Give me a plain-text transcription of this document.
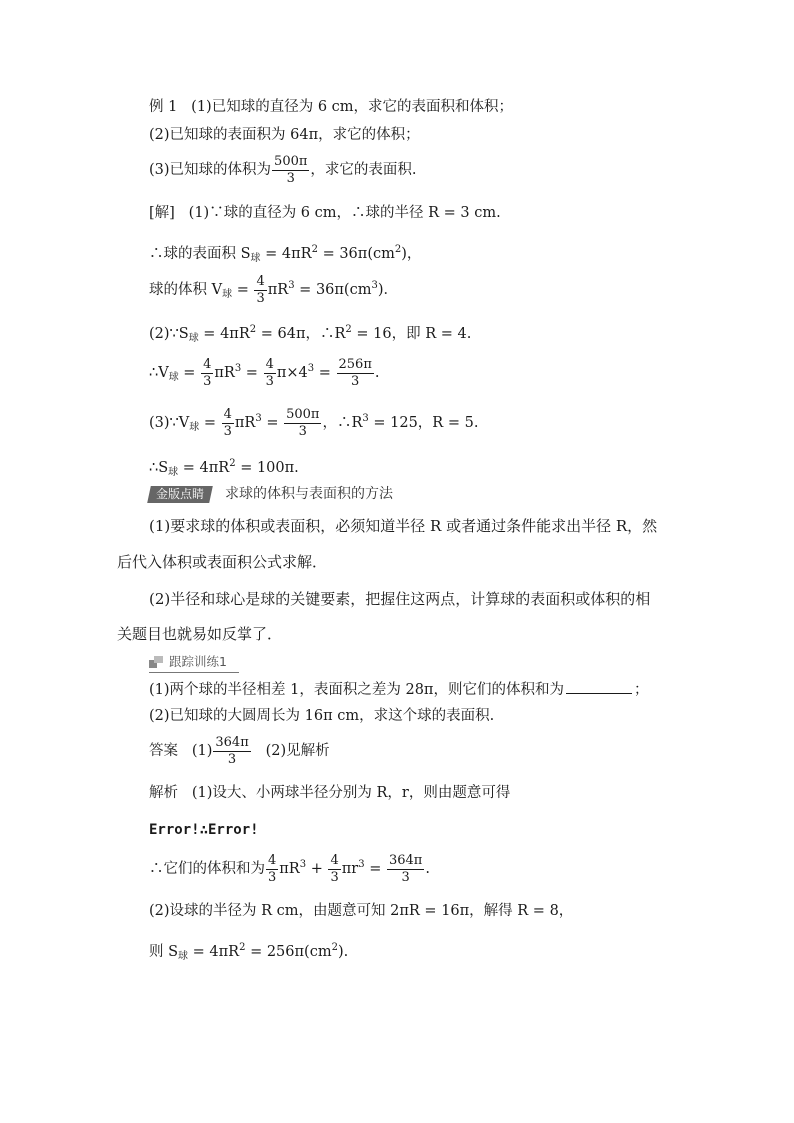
例 1 (1)已知球的直径为 6 cm，求它的表面积和体积；
(2)已知球的表面积为 64π，求它的体积；
(3)已知球的体积为 $\frac{500\pi}{3}$ ，求它的表面积.
[解] (1)∵球的直径为 6 cm，∴球的半径 R = 3 cm.
∴球的表面积 $S_球 = 4\pi R^2 = 36\pi(cm^2)$，
球的体积 $V_球 = \frac{4}{3} \pi R^3 = 36\pi(cm^3)$．
$(2)\because S_球 = 4\pi R^2 = 64\pi$，$\therefore R^2 = 16$，即 R = 4.
$\therefore V_球 = \frac{4}{3} \pi R^3 = \frac{4}{3} \pi\times 4^3 = \frac{256\pi}{3}$ .
$(3)\because V_球 = \frac{4}{3} \pi R^3 = \frac{500\pi}{3}$ ，$\therefore R^3 = 125$，R = 5.
$\therefore S_球 = 4\pi R^2 = 100\pi$.
金版点睛 求球的体积与表面积的方法
(1)要求球的体积或表面积，必须知道半径 R 或者通过条件能求出半径 R，然
后代入体积或表面积公式求解．
(2)半径和球心是球的关键要素，把握住这两点，计算球的表面积或体积的相
关题目也就易如反掌了．
跟踪训练1
(1)两个球的半径相差 1，表面积之差为 28π，则它们的体积和为	；
(2)已知球的大圆周长为 16π cm，求这个球的表面积.
答案 $(1) \frac{364\pi}{3} (2)$见解析
解析 (1)设大、小两球半径分别为 R，r，则由题意可得
Error!∴Error!
∴它们的体积和为 $\frac{4}{3} \pi R^3 + \frac{4}{3} \pi r^3 = \frac{364\pi}{3}$ .
(2)设球的半径为 R cm，由题意可知 2πR = 16π，解得 R = 8，
则 $S_球 = 4\pi R^2 = 256\pi(cm^2)$.
